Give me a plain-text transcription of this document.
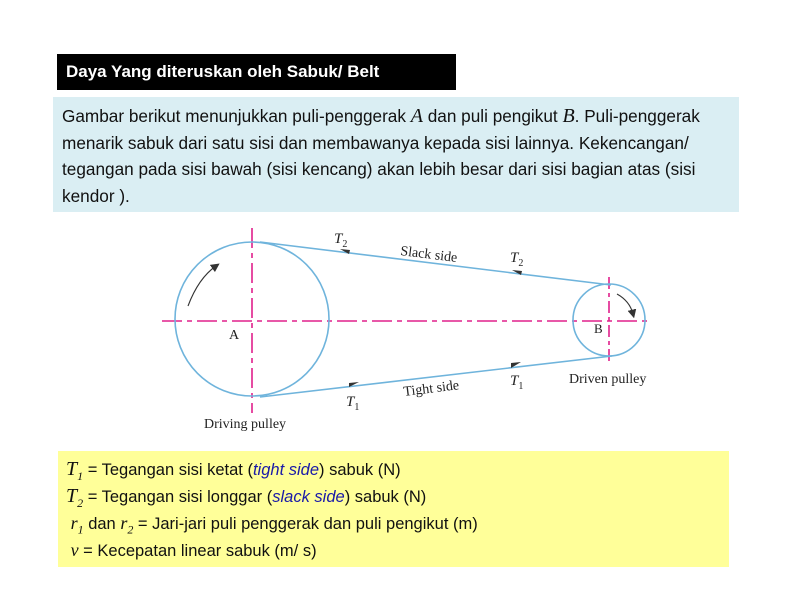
Daya Yang diteruskan oleh Sabuk/ Belt
Gambar berikut menunjukkan puli-penggerak A dan puli pengikut B. Puli-penggerak menarik sabuk dari satu sisi dan membawanya kepada sisi lainnya. Kekencangan/ tegangan pada sisi bawah (sisi kencang) akan lebih besar dari sisi bagian atas (sisi kendor ).
$T_2$	Slack side	$T_2$
A	B
$T_1$	Driven pulley
Tight side
$T_1$
Driving pulley
$T_1$ = Tegangan sisi ketat (tight side) sabuk (N)
$T_2$ = Tegangan sisi longgar (slack side) sabuk (N)
$r_1$ dan $r_2$ = Jari-jari puli penggerak dan puli pengikut (m)
v = Kecepatan linear sabuk (m/ s)
